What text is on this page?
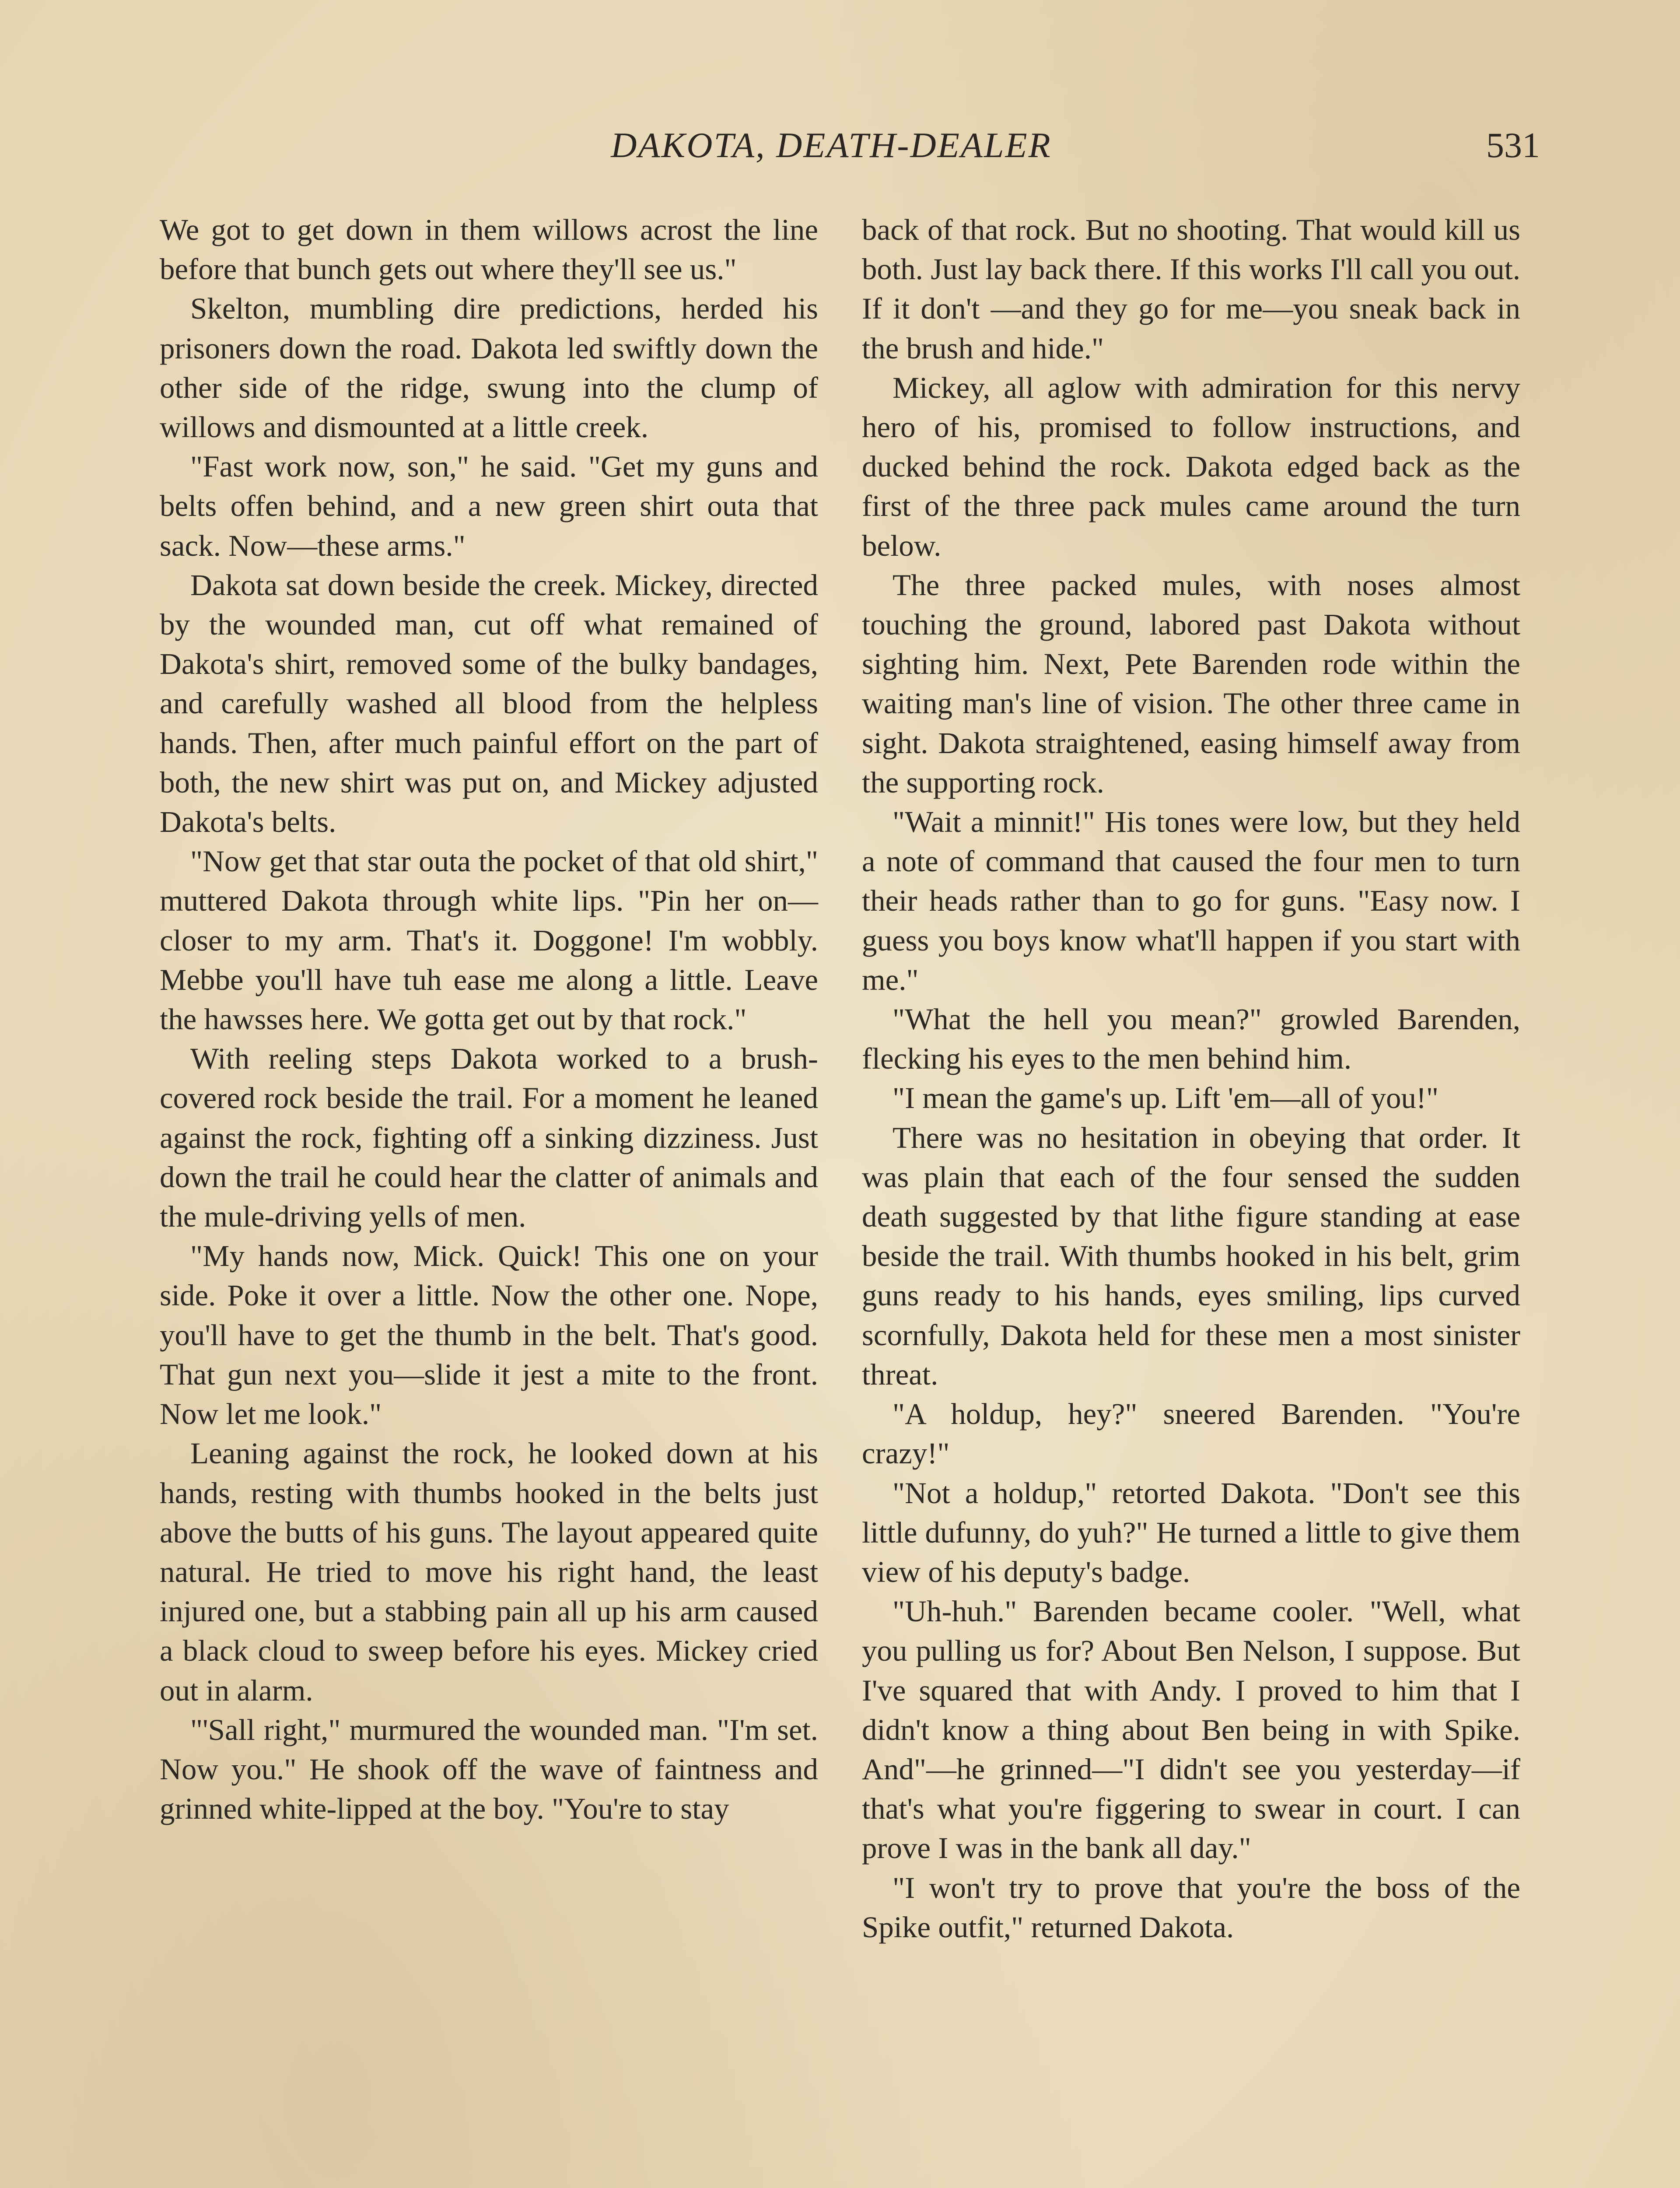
DAKOTA, DEATH-DEALER	531

We got to get down in them willows acrost the line before that bunch gets out where they'll see us."

Skelton, mumbling dire predictions, herded his prisoners down the road. Dakota led swiftly down the other side of the ridge, swung into the clump of willows and dismounted at a little creek.

"Fast work now, son," he said. "Get my guns and belts offen behind, and a new green shirt outa that sack. Now—these arms."

Dakota sat down beside the creek. Mickey, directed by the wounded man, cut off what remained of Dakota's shirt, removed some of the bulky bandages, and carefully washed all blood from the helpless hands. Then, after much painful effort on the part of both, the new shirt was put on, and Mickey adjusted Dakota's belts.

"Now get that star outa the pocket of that old shirt," muttered Dakota through white lips. "Pin her on—closer to my arm. That's it. Doggone! I'm wobbly. Mebbe you'll have tuh ease me along a little. Leave the hawsses here. We gotta get out by that rock."

With reeling steps Dakota worked to a brush-covered rock beside the trail. For a moment he leaned against the rock, fighting off a sinking dizziness. Just down the trail he could hear the clatter of animals and the mule-driving yells of men.

"My hands now, Mick. Quick! This one on your side. Poke it over a little. Now the other one. Nope, you'll have to get the thumb in the belt. That's good. That gun next you—slide it jest a mite to the front. Now let me look."

Leaning against the rock, he looked down at his hands, resting with thumbs hooked in the belts just above the butts of his guns. The layout appeared quite natural. He tried to move his right hand, the least injured one, but a stabbing pain all up his arm caused a black cloud to sweep before his eyes. Mickey cried out in alarm.

"'Sall right," murmured the wounded man. "I'm set. Now you." He shook off the wave of faintness and grinned white-lipped at the boy. "You're to stay

back of that rock. But no shooting. That would kill us both. Just lay back there. If this works I'll call you out. If it don't —and they go for me—you sneak back in the brush and hide."

Mickey, all aglow with admiration for this nervy hero of his, promised to follow instructions, and ducked behind the rock. Dakota edged back as the first of the three pack mules came around the turn below.

The three packed mules, with noses almost touching the ground, labored past Dakota without sighting him. Next, Pete Barenden rode within the waiting man's line of vision. The other three came in sight. Dakota straightened, easing himself away from the supporting rock.

"Wait a minnit!" His tones were low, but they held a note of command that caused the four men to turn their heads rather than to go for guns. "Easy now. I guess you boys know what'll happen if you start with me."

"What the hell you mean?" growled Barenden, flecking his eyes to the men behind him.

"I mean the game's up. Lift 'em—all of you!"

There was no hesitation in obeying that order. It was plain that each of the four sensed the sudden death suggested by that lithe figure standing at ease beside the trail. With thumbs hooked in his belt, grim guns ready to his hands, eyes smiling, lips curved scornfully, Dakota held for these men a most sinister threat.

"A holdup, hey?" sneered Barenden. "You're crazy!"

"Not a holdup," retorted Dakota. "Don't see this little dufunny, do yuh?" He turned a little to give them view of his deputy's badge.

"Uh-huh." Barenden became cooler. "Well, what you pulling us for? About Ben Nelson, I suppose. But I've squared that with Andy. I proved to him that I didn't know a thing about Ben being in with Spike. And"—he grinned—"I didn't see you yesterday—if that's what you're figgering to swear in court. I can prove I was in the bank all day."

"I won't try to prove that you're the boss of the Spike outfit," returned Dakota.
